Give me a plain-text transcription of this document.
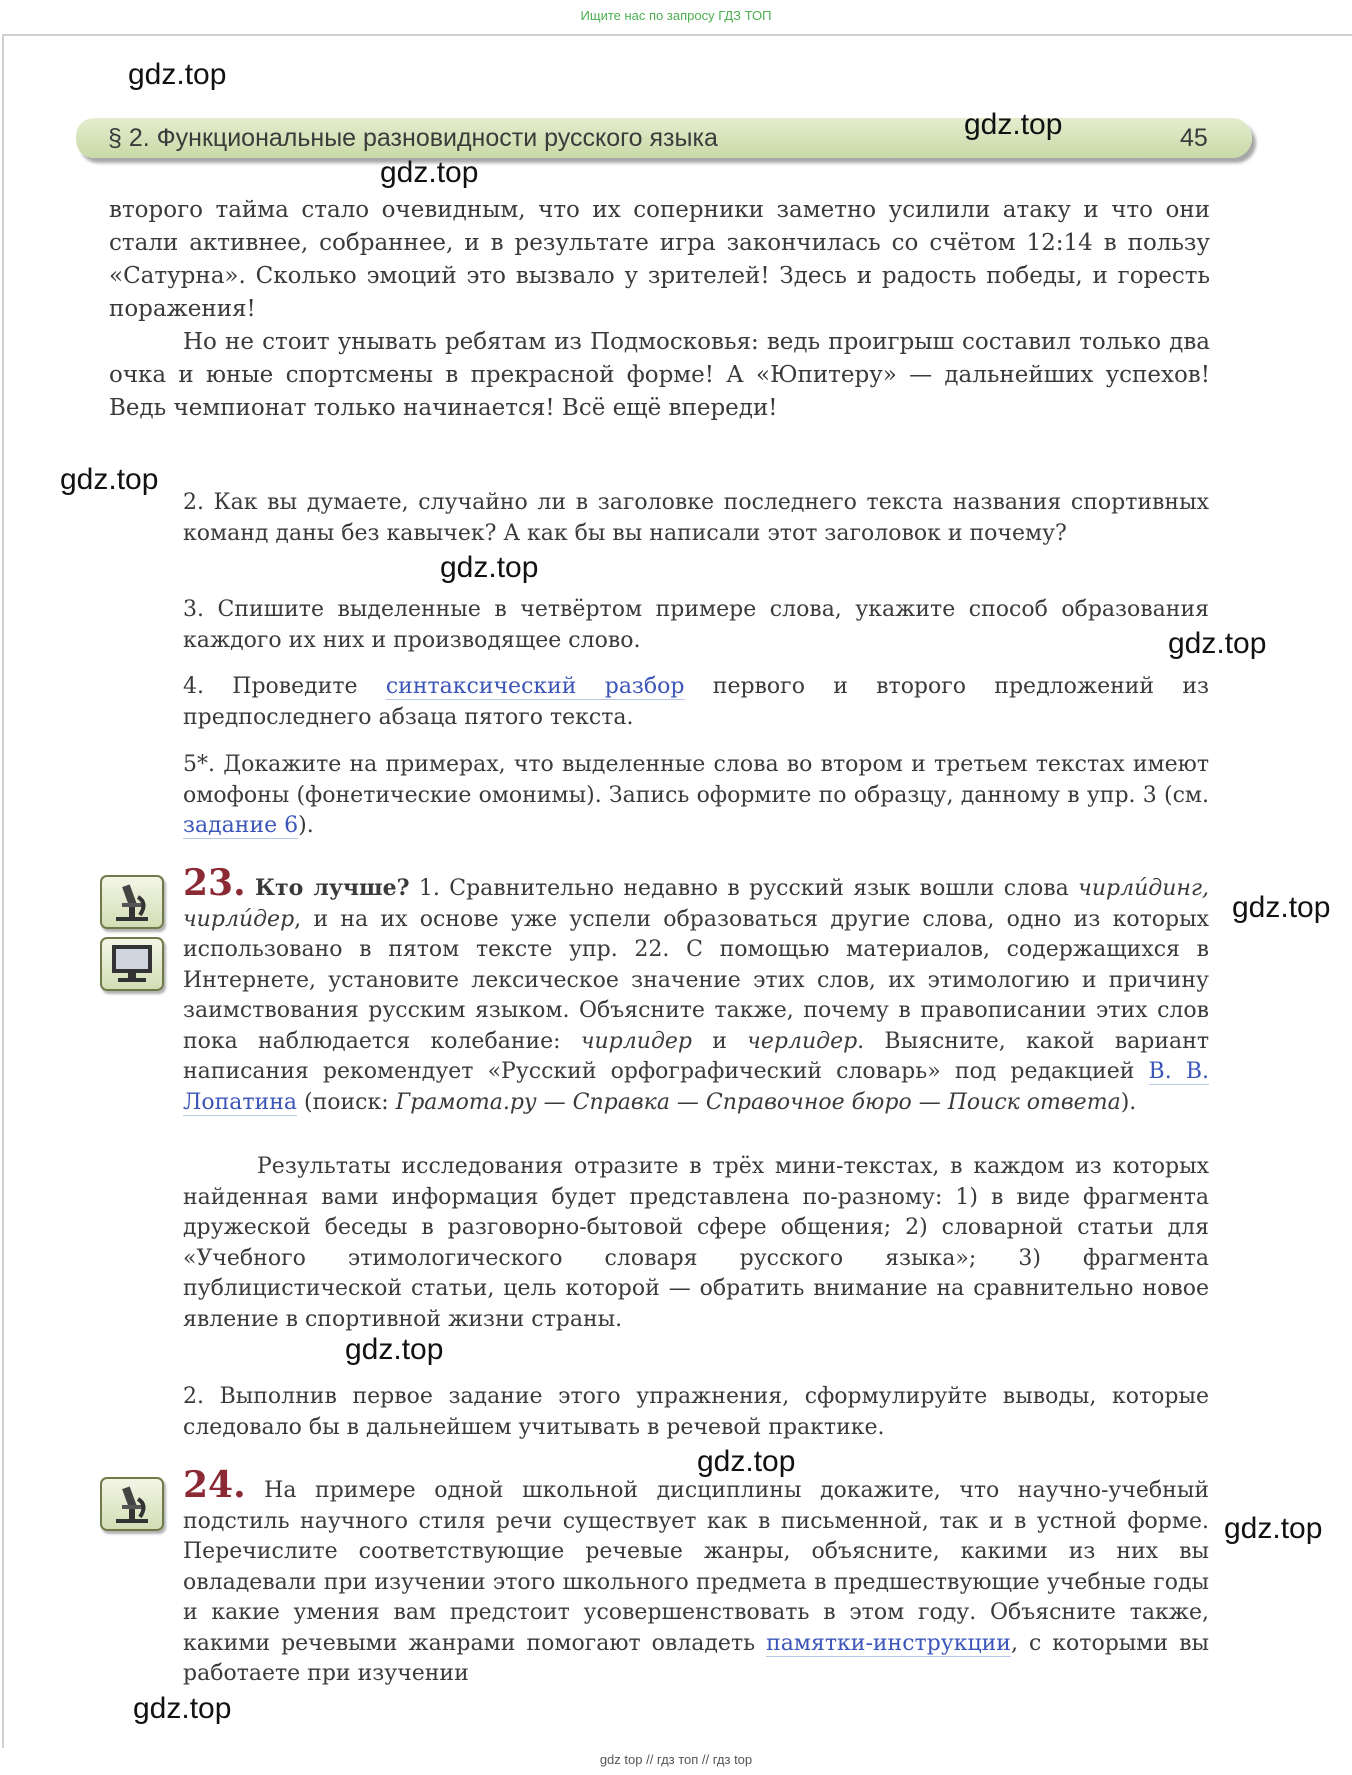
Ищите нас по запросу ГДЗ ТОП
§ 2. Функциональные разновидности русского языка	45
gdz.top
gdz.top
gdz.top
gdz.top
gdz.top
gdz.top
gdz.top
gdz.top
gdz.top
gdz.top
gdz.top

второго тайма стало очевидным, что их соперники заметно усилили атаку и что они стали активнее, собраннее, и в результате игра закончилась со счётом 12:14 в пользу «Сатурна». Сколько эмоций это вызвало у зрителей! Здесь и радость победы, и горесть поражения!

Но не стоит унывать ребятам из Подмосковья: ведь проигрыш составил только два очка и юные спортсмены в прекрасной форме! А «Юпитеру» — дальнейших успехов! Ведь чемпионат только начинается! Всё ещё впереди!

2. Как вы думаете, случайно ли в заголовке последнего текста названия спортивных команд даны без кавычек? А как бы вы написали этот заголовок и почему?

3. Спишите выделенные в четвёртом примере слова, укажите способ образования каждого их них и производящее слово.

4. Проведите синтаксический разбор первого и второго предложений из предпоследнего абзаца пятого текста.

5*. Докажите на примерах, что выделенные слова во втором и третьем текстах имеют омофоны (фонетические омонимы). Запись оформите по образцу, данному в упр. 3 (см. задание 6).

23. Кто лучше? 1. Сравнительно недавно в русский язык вошли слова чирлúдинг, чирлúдер, и на их основе уже успели образоваться другие слова, одно из которых использовано в пятом тексте упр. 22. С помощью материалов, содержащихся в Интернете, установите лексическое значение этих слов, их этимологию и причину заимствования русским языком. Объясните также, почему в правописании этих слов пока наблюдается колебание: чирлидер и черлидер. Выясните, какой вариант написания рекомендует «Русский орфографический словарь» под редакцией В. В. Лопатина (поиск: Грамота.ру — Справка — Справочное бюро — Поиск ответа).

Результаты исследования отразите в трёх мини-текстах, в каждом из которых найденная вами информация будет представлена по-разному: 1) в виде фрагмента дружеской беседы в разговорно-бытовой сфере общения; 2) словарной статьи для «Учебного этимологического словаря русского языка»; 3) фрагмента публицистической статьи, цель которой — обратить внимание на сравнительно новое явление в спортивной жизни страны.

2. Выполнив первое задание этого упражнения, сформулируйте выводы, которые следовало бы в дальнейшем учитывать в речевой практике.

24. На примере одной школьной дисциплины докажите, что научно-учебный подстиль научного стиля речи существует как в письменной, так и в устной форме. Перечислите соответствующие речевые жанры, объясните, какими из них вы овладевали при изучении этого школьного предмета в предшествующие учебные годы и какие умения вам предстоит усовершенствовать в этом году. Объясните также, какими речевыми жанрами помогают овладеть памятки-инструкции, с которыми вы работаете при изучении

gdz top // гдз топ // гдз top
